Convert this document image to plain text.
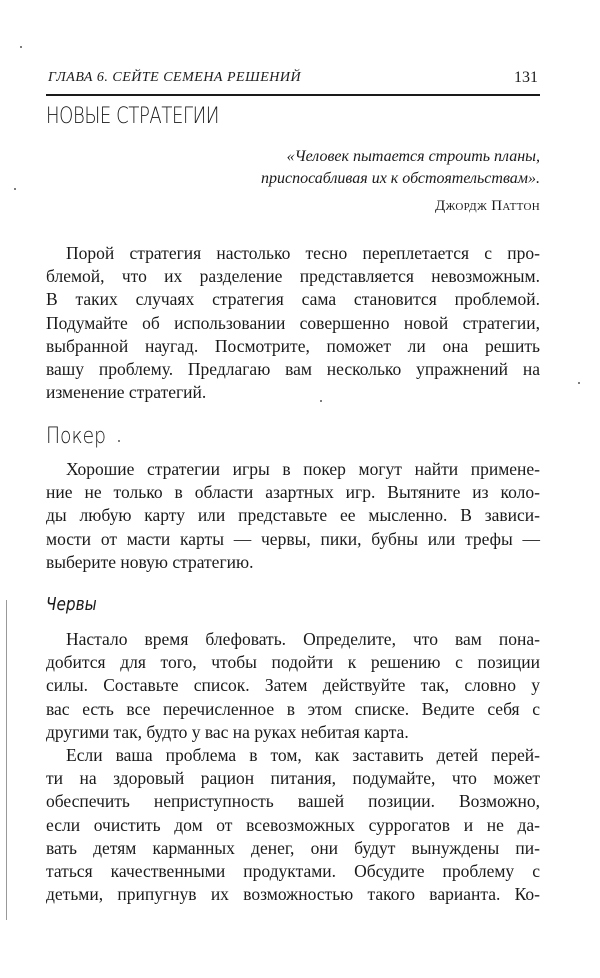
ГЛАВА 6. СЕЙТЕ СЕМЕНА РЕШЕНИЙ	131
НОВЫЕ СТРАТЕГИИ
«Человек пытается строить планы,
приспосабливая их к обстоятельствам».
Джордж Паттон
Порой стратегия настолько тесно переплетается с про-
блемой, что их разделение представляется невозможным.
В таких случаях стратегия сама становится проблемой.
Подумайте об использовании совершенно новой стратегии,
выбранной наугад. Посмотрите, поможет ли она решить
вашу проблему. Предлагаю вам несколько упражнений на
изменение стратегий.
Покер
Хорошие стратегии игры в покер могут найти примене-
ние не только в области азартных игр. Вытяните из коло-
ды любую карту или представьте ее мысленно. В зависи-
мости от масти карты — червы, пики, бубны или трефы —
выберите новую стратегию.
Червы
Настало время блефовать. Определите, что вам пона-
добится для того, чтобы подойти к решению с позиции
силы. Составьте список. Затем действуйте так, словно у
вас есть все перечисленное в этом списке. Ведите себя с
другими так, будто у вас на руках небитая карта.
Если ваша проблема в том, как заставить детей перей-
ти на здоровый рацион питания, подумайте, что может
обеспечить неприступность вашей позиции. Возможно,
если очистить дом от всевозможных суррогатов и не да-
вать детям карманных денег, они будут вынуждены пи-
таться качественными продуктами. Обсудите проблему с
детьми, припугнув их возможностью такого варианта. Ко-
